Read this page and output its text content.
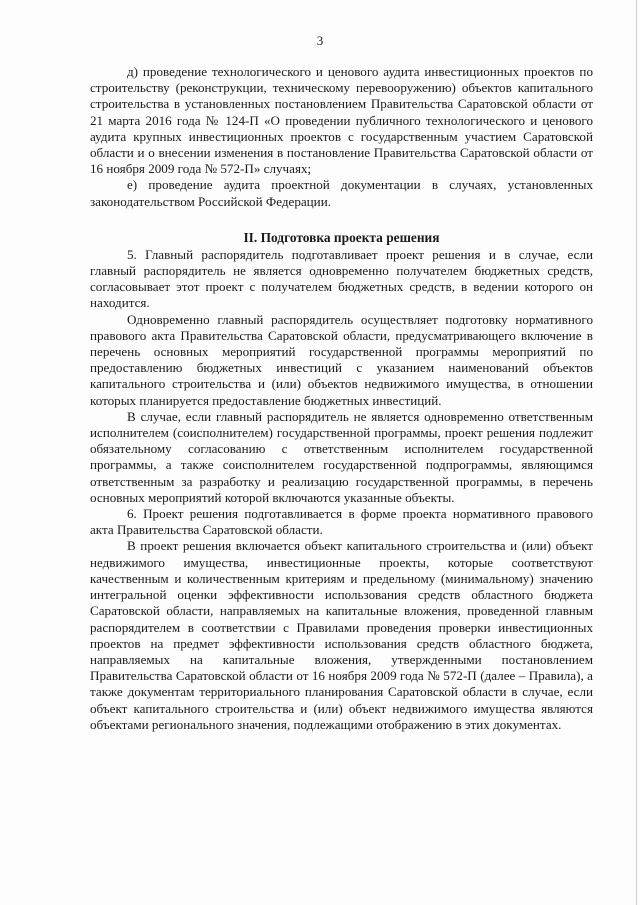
3

д) проведение технологического и ценового аудита инвестиционных проектов по строительству (реконструкции, техническому перевооружению) объектов капитального строительства в установленных постановлением Правительства Саратовской области от 21 марта 2016 года № 124-П «О проведении публичного технологического и ценового аудита крупных инвестиционных проектов с государственным участием Саратовской области и о внесении изменения в постановление Правительства Саратовской области от 16 ноября 2009 года № 572-П» случаях;

е) проведение аудита проектной документации в случаях, установленных законодательством Российской Федерации.

II. Подготовка проекта решения

5. Главный распорядитель подготавливает проект решения и в случае, если главный распорядитель не является одновременно получателем бюджетных средств, согласовывает этот проект с получателем бюджетных средств, в ведении которого он находится.

Одновременно главный распорядитель осуществляет подготовку нормативного правового акта Правительства Саратовской области, предусматривающего включение в перечень основных мероприятий государственной программы мероприятий по предоставлению бюджетных инвестиций с указанием наименований объектов капитального строительства и (или) объектов недвижимого имущества, в отношении которых планируется предоставление бюджетных инвестиций.

В случае, если главный распорядитель не является одновременно ответственным исполнителем (соисполнителем) государственной программы, проект решения подлежит обязательному согласованию с ответственным исполнителем государственной программы, а также соисполнителем государственной подпрограммы, являющимся ответственным за разработку и реализацию государственной программы, в перечень основных мероприятий которой включаются указанные объекты.

6. Проект решения подготавливается в форме проекта нормативного правового акта Правительства Саратовской области.

В проект решения включается объект капитального строительства и (или) объект недвижимого имущества, инвестиционные проекты, которые соответствуют качественным и количественным критериям и предельному (минимальному) значению интегральной оценки эффективности использования средств областного бюджета Саратовской области, направляемых на капитальные вложения, проведенной главным распорядителем в соответствии с Правилами проведения проверки инвестиционных проектов на предмет эффективности использования средств областного бюджета, направляемых на капитальные вложения, утвержденными постановлением Правительства Саратовской области от 16 ноября 2009 года № 572-П (далее – Правила), а также документам территориального планирования Саратовской области в случае, если объект капитального строительства и (или) объект недвижимого имущества являются объектами регионального значения, подлежащими отображению в этих документах.
